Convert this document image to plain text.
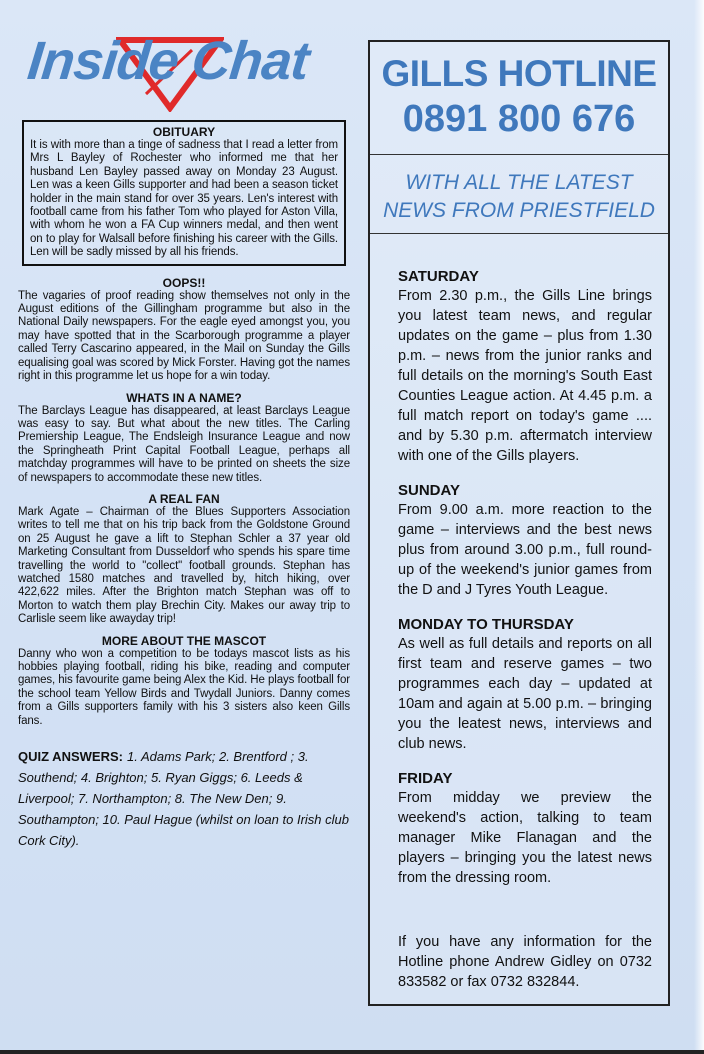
Inside Chat

OBITUARY

It is with more than a tinge of sadness that I read a letter from Mrs L Bayley of Rochester who informed me that her husband Len Bayley passed away on Monday 23 August. Len was a keen Gills supporter and had been a season ticket holder in the main stand for over 35 years. Len's interest with football came from his father Tom who played for Aston Villa, with whom he won a FA Cup winners medal, and then went on to play for Walsall before finishing his career with the Gills. Len will be sadly missed by all his friends.

OOPS!!

The vagaries of proof reading show themselves not only in the August editions of the Gillingham programme but also in the National Daily newspapers. For the eagle eyed amongst you, you may have spotted that in the Scarborough programme a player called Terry Cascarino appeared, in the Mail on Sunday the Gills equalising goal was scored by Mick Forster. Having got the names right in this programme let us hope for a win today.

WHATS IN A NAME?

The Barclays League has disappeared, at least Barclays League was easy to say. But what about the new titles. The Carling Premiership League, The Endsleigh Insurance League and now the Springheath Print Capital Football League, perhaps all matchday programmes will have to be printed on sheets the size of newspapers to accommodate these new titles.

A REAL FAN

Mark Agate – Chairman of the Blues Supporters Association writes to tell me that on his trip back from the Goldstone Ground on 25 August he gave a lift to Stephan Schler a 37 year old Marketing Consultant from Dusseldorf who spends his spare time travelling the world to "collect" football grounds. Stephan has watched 1580 matches and travelled by, hitch hiking, over 422,622 miles. After the Brighton match Stephan was off to Morton to watch them play Brechin City. Makes our away trip to Carlisle seem like awayday trip!

MORE ABOUT THE MASCOT

Danny who won a competition to be todays mascot lists as his hobbies playing football, riding his bike, reading and computer games, his favourite game being Alex the Kid. He plays football for the school team Yellow Birds and Twydall Juniors. Danny comes from a Gills supporters family with his 3 sisters also keen Gills fans.

QUIZ ANSWERS: 1. Adams Park; 2. Brentford ; 3. Southend; 4. Brighton; 5. Ryan Giggs; 6. Leeds & Liverpool; 7. Northampton; 8. The New Den; 9. Southampton; 10. Paul Hague (whilst on loan to Irish club Cork City).
GILLS HOTLINE
0891 800 676
WITH ALL THE LATEST NEWS FROM PRIESTFIELD

SATURDAY

From 2.30 p.m., the Gills Line brings you latest team news, and regular updates on the game – plus from 1.30 p.m. – news from the junior ranks and full details on the morning's South East Counties League action. At 4.45 p.m. a full match report on today's game .... and by 5.30 p.m. aftermatch interview with one of the Gills players.

SUNDAY

From 9.00 a.m. more reaction to the game – interviews and the best news plus from around 3.00 p.m., full round-up of the weekend's junior games from the D and J Tyres Youth League.

MONDAY TO THURSDAY

As well as full details and reports on all first team and reserve games – two programmes each day – updated at 10am and again at 5.00 p.m. – bringing you the leatest news, interviews and club news.

FRIDAY

From midday we preview the weekend's action, talking to team manager Mike Flanagan and the players – bringing you the latest news from the dressing room.

If you have any information for the Hotline phone Andrew Gidley on 0732 833582 or fax 0732 832844.
